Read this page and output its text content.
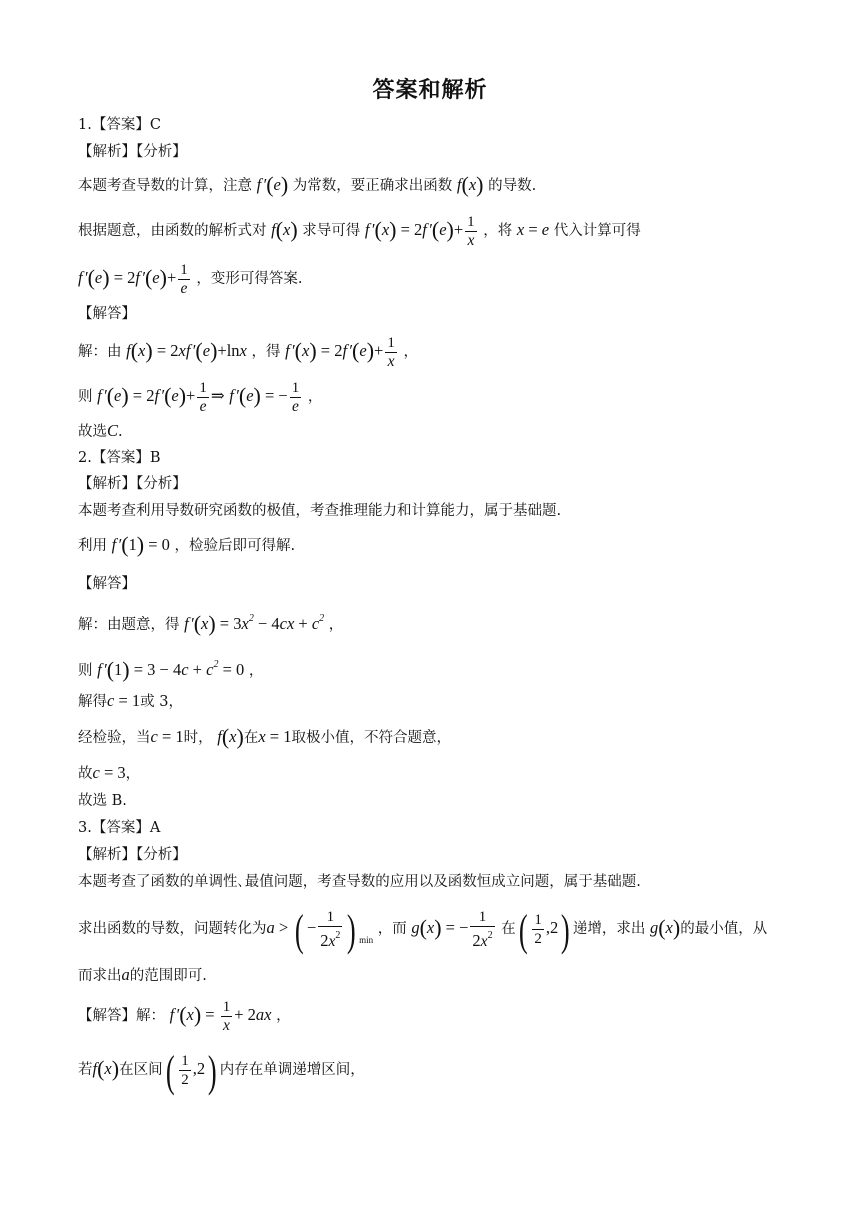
答案和解析
1.【答案】C
【解析】【分析】
本题考查导数的计算，注意 f ′(e) 为常数，要正确求出函数 f(x) 的导数.
根据题意，由函数的解析式对 f(x) 求导可得 f ′(x) = 2f $'(e)+ \frac{1}{x}$ ，将 x = e 代入计算可得
f ′(e) = 2f $'(e)+ \frac{1}{e}$ ，变形可得答案.
【解答】
解：由 f(x) = 2xf ′(e)+lnx ，得 f ′(x) = 2f $'(e)+ \frac{1}{x}$ ，
则 f ′(e) = 2f $'(e)+ \frac{1}{e}$ ⇒ f ′(e) = − $\frac{1}{e}$ ，
故选C.
2.【答案】B
【解析】【分析】
本题考查利用导数研究函数的极值，考查推理能力和计算能力，属于基础题.
利用 f ′(1) = 0 ，检验后即可得解.
【解答】
解：由题意，得 f $'(x) = 3x^2 - 4cx + c^2$ ，
则 f $'(1) = 3 - 4c + c^2 = 0$ ，
解得c = 1或 3，
经检验，当c = 1时， f(x)在x = 1取极小值，不符合题意，
故c = 3，
故选 B.
3.【答案】A
【解析】【分析】
本题考查了函数的单调性､最值问题，考查导数的应用以及函数恒成立问题，属于基础题.
求出函数的导数，问题转化为a > ( − $\frac{1}{2x^2}$ ) $_{min}$ ，而 g(x) = − $\frac{1}{2x^2}$ 在( $\frac{1}{2} ,2$) 递增，求出 g(x)的最小值，从
而求出a的范围即可.
【解答】解： f $'(x) = \frac{1}{x} + 2ax$ ，
若f(x)在区间( $\frac{1}{2} ,2$) 内存在单调递增区间，
